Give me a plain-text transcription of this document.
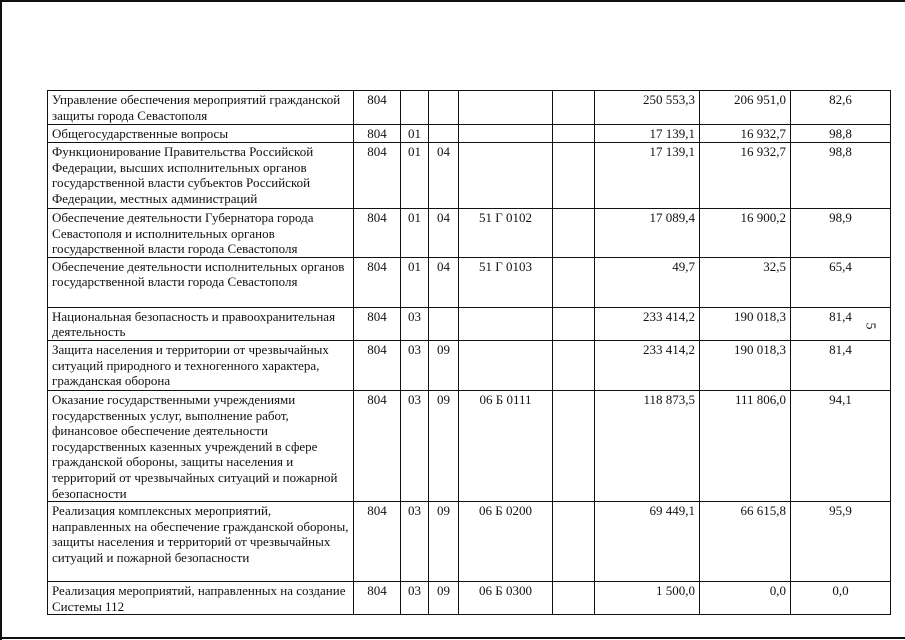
5
Управление обеспечения мероприятий гражданской защиты города Севастополя	804					250 553,3	206 951,0	82,6
Общегосударственные вопросы	804	01				17 139,1	16 932,7	98,8
Функционирование Правительства Российской Федерации, высших исполнительных органов государственной власти субъектов Российской Федерации, местных администраций	804	01	04			17 139,1	16 932,7	98,8
Обеспечение деятельности Губернатора города Севастополя и исполнительных органов государственной власти города Севастополя	804	01	04	51 Г 0102		17 089,4	16 900,2	98,9
Обеспечение деятельности исполнительных органов государственной власти города Севастополя	804	01	04	51 Г 0103		49,7	32,5	65,4
Национальная безопасность и правоохранительная деятельность	804	03				233 414,2	190 018,3	81,4
Защита населения и территории от чрезвычайных ситуаций природного и техногенного характера, гражданская оборона	804	03	09			233 414,2	190 018,3	81,4
Оказание государственными учреждениями государственных услуг, выполнение работ, финансовое обеспечение деятельности государственных казенных учреждений в сфере гражданской обороны, защиты населения и территорий от чрезвычайных ситуаций и пожарной безопасности	804	03	09	06 Б 0111		118 873,5	111 806,0	94,1
Реализация комплексных мероприятий, направленных на обеспечение гражданской обороны, защиты населения и территорий от чрезвычайных ситуаций и пожарной безопасности	804	03	09	06 Б 0200		69 449,1	66 615,8	95,9
Реализация мероприятий, направленных на создание Системы 112	804	03	09	06 Б 0300		1 500,0	0,0	0,0
